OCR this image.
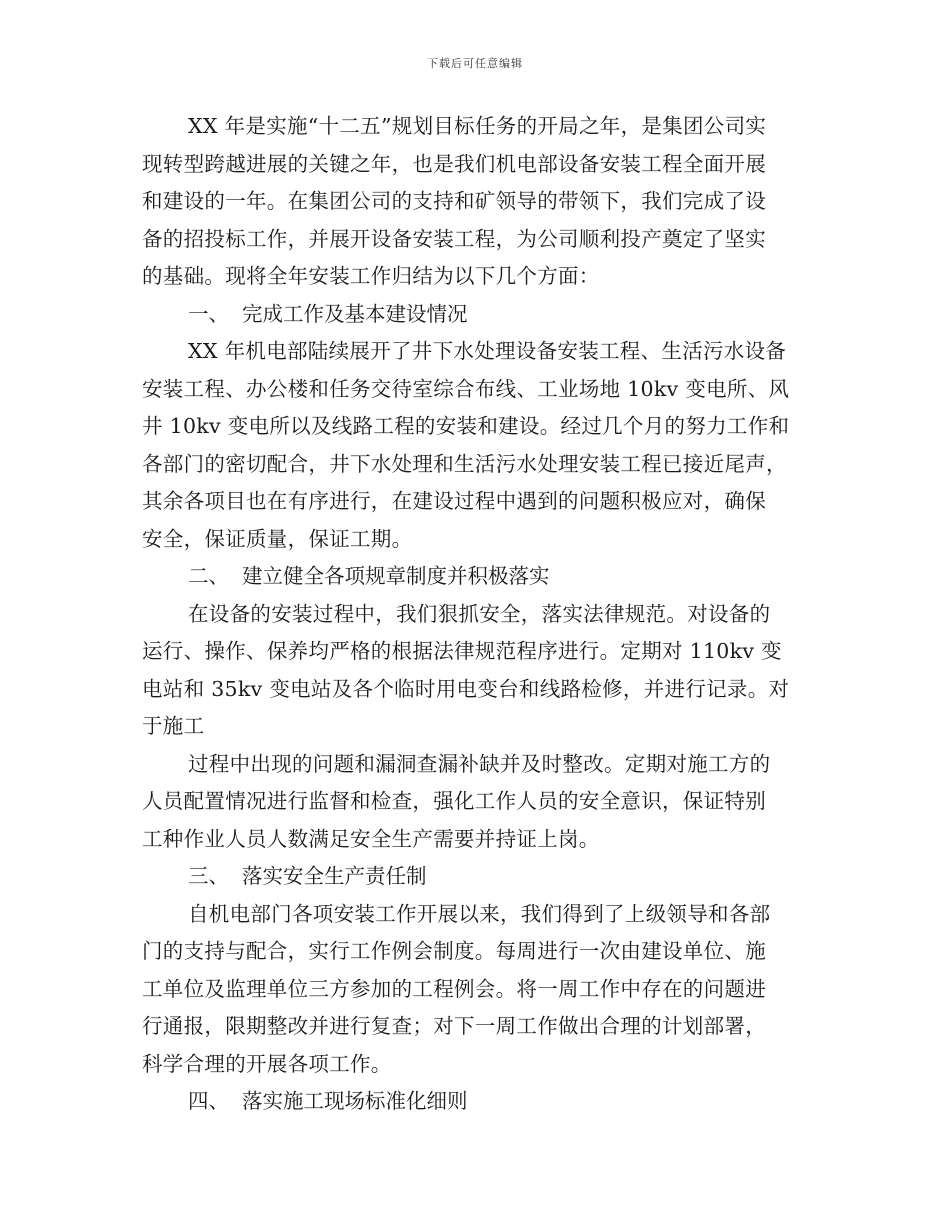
下载后可任意编辑

XX 年是实施“十二五”规划目标任务的开局之年，是集团公司实

现转型跨越进展的关键之年，也是我们机电部设备安装工程全面开展

和建设的一年。在集团公司的支持和矿领导的带领下，我们完成了设

备的招投标工作，并展开设备安装工程，为公司顺利投产奠定了坚实

的基础。现将全年安装工作归结为以下几个方面：

一、 完成工作及基本建设情况

XX 年机电部陆续展开了井下水处理设备安装工程、生活污水设备

安装工程、办公楼和任务交待室综合布线、工业场地 10kv 变电所、风

井 10kv 变电所以及线路工程的安装和建设。经过几个月的努力工作和

各部门的密切配合，井下水处理和生活污水处理安装工程已接近尾声，

其余各项目也在有序进行，在建设过程中遇到的问题积极应对，确保

安全，保证质量，保证工期。

二、 建立健全各项规章制度并积极落实

在设备的安装过程中，我们狠抓安全，落实法律规范。对设备的

运行、操作、保养均严格的根据法律规范程序进行。定期对 110kv 变

电站和 35kv 变电站及各个临时用电变台和线路检修，并进行记录。对

于施工

过程中出现的问题和漏洞查漏补缺并及时整改。定期对施工方的

人员配置情况进行监督和检查，强化工作人员的安全意识，保证特别

工种作业人员人数满足安全生产需要并持证上岗。

三、 落实安全生产责任制

自机电部门各项安装工作开展以来，我们得到了上级领导和各部

门的支持与配合，实行工作例会制度。每周进行一次由建设单位、施

工单位及监理单位三方参加的工程例会。将一周工作中存在的问题进

行通报，限期整改并进行复查；对下一周工作做出合理的计划部署，

科学合理的开展各项工作。

四、 落实施工现场标准化细则
